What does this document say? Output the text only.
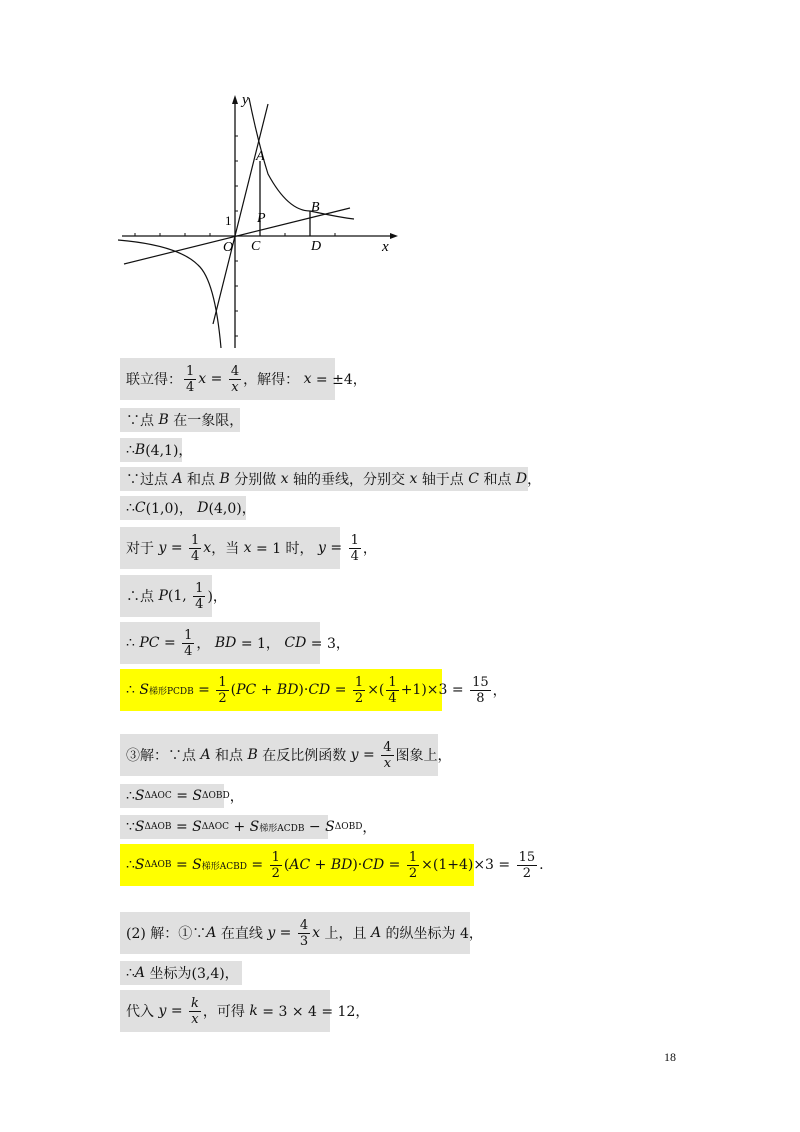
y
x
A
B
P
O C	D
1
联立得： $\frac{1}{4}$ $x = \frac{4}{x}$ ，解得： x = ±4，
∵点 B 在一象限，
∴ B (4,1)，
∵过点 A 和点 B 分别做 x 轴的垂线，分别交 x 轴于点 C 和点 D ，
∴ C (1,0)， D (4,0)，
对于 $y = \frac{1}{4}$ x ，当 x = 1 时， $y = \frac{1}{4}$ ，
∴点 P (1, $\frac{1}{4}$ )，
∴ PC = $\frac{1}{4}$ ， BD = 1， CD = 3，
∴ S 梯形PCDB = $\frac{1}{2}$ ( PC + BD )· CD = $\frac{1}{2}$ ×( $\frac{1}{4} +1)\times 3 = \frac{15}{8}$ ，
③解：∵点 A 和点 B 在反比例函数 $y = \frac{4}{x}$ 图象上，
∴ S ΔAOC = S ΔOBD ，
∵ S ΔAOB = S ΔAOC + S 梯形ACDB − S ΔOBD ，
∴ S ΔAOB = S 梯形ACBD = $\frac{1}{2}$ ( AC + BD )· CD = $\frac{1}{2} \times(1+4)\times 3 = \frac{15}{2}$ .
(2) 解：①∵ A 在直线 $y = \frac{4}{3}$ x 上，且 A 的纵坐标为 4，
∴ A 坐标为(3,4)，
代入 $y = \frac{k}{x}$ ，可得 k = 3 × 4 = 12，
18
